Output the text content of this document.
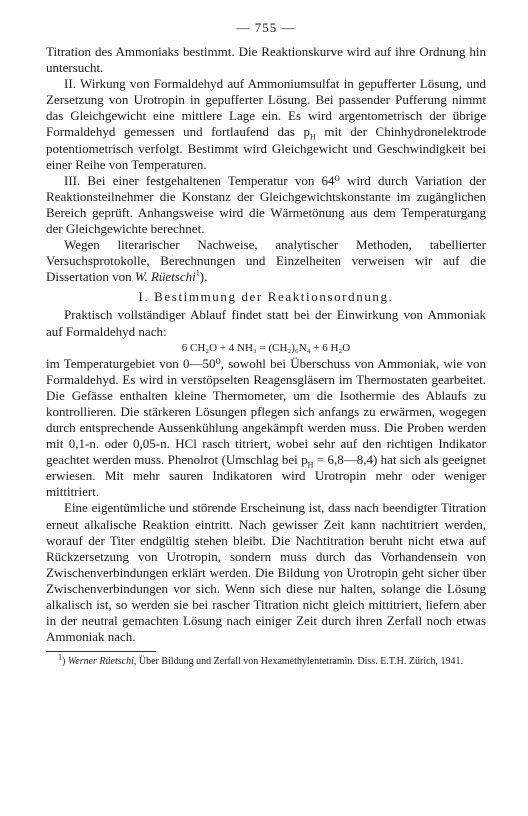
— 755 —

Titration des Ammoniaks bestimmt. Die Reaktionskurve wird auf ihre Ordnung hin untersucht.

II. Wirkung von Formaldehyd auf Ammoniumsulfat in gepufferter Lösung, und Zersetzung von Urotropin in gepufferter Lösung. Bei passender Pufferung nimmt das Gleichgewicht eine mittlere Lage ein. Es wird argentometrisch der übrige Formaldehyd gemessen und fortlaufend das $p_H$ mit der Chinhydronelektrode potentiometrisch verfolgt. Bestimmt wird Gleichgewicht und Geschwindigkeit bei einer Reihe von Temperaturen.

III. Bei einer festgehaltenen Temperatur von 64⁰ wird durch Variation der Reaktionsteilnehmer die Konstanz der Gleichgewichtskonstante im zugänglichen Bereich geprüft. Anhangsweise wird die Wärmetönung aus dem Temperaturgang der Gleichgewichte berechnet.

Wegen literarischer Nachweise, analytischer Methoden, tabellierter Versuchsprotokolle, Berechnungen und Einzelheiten verweisen wir auf die Dissertation von W. Rüetschi$^1$).

I. Bestimmung der Reaktionsordnung.

Praktisch vollständiger Ablauf findet statt bei der Einwirkung von Ammoniak auf Formaldehyd nach:

6 CH₂O + 4 NH₃ = (CH₂)₆N₄ + 6 H₂O

im Temperaturgebiet von 0—50⁰, sowohl bei Überschuss von Ammoniak, wie von Formaldehyd. Es wird in verstöpselten Reagensgläsern im Thermostaten gearbeitet. Die Gefässe enthalten kleine Thermometer, um die Isothermie des Ablaufs zu kontrollieren. Die stärkeren Lösungen pflegen sich anfangs zu erwärmen, wogegen durch entsprechende Aussenkühlung angekämpft werden muss. Die Proben werden mit 0,1-n. oder 0,05-n. HCl rasch titriert, wobei sehr auf den richtigen Indikator geachtet werden muss. Phenolrot (Umschlag bei $p_H$ = 6,8—8,4) hat sich als geeignet erwiesen. Mit mehr sauren Indikatoren wird Urotropin mehr oder weniger mittitriert.

Eine eigentümliche und störende Erscheinung ist, dass nach beendigter Titration erneut alkalische Reaktion eintritt. Nach gewisser Zeit kann nachtitriert werden, worauf der Titer endgültig stehen bleibt. Die Nachtitration beruht nicht etwa auf Rückzersetzung von Urotropin, sondern muss durch das Vorhandensein von Zwischenverbindungen erklärt werden. Die Bildung von Urotropin geht sicher über Zwischenverbindungen vor sich. Wenn sich diese nur halten, solange die Lösung alkalisch ist, so werden sie bei rascher Titration nicht gleich mittitriert, liefern aber in der neutral gemachten Lösung nach einiger Zeit durch ihren Zerfall noch etwas Ammoniak nach.

$^1$) Werner Rüetschi, Über Bildung und Zerfall von Hexamethylentetramin. Diss. E.T.H. Zürich, 1941.
